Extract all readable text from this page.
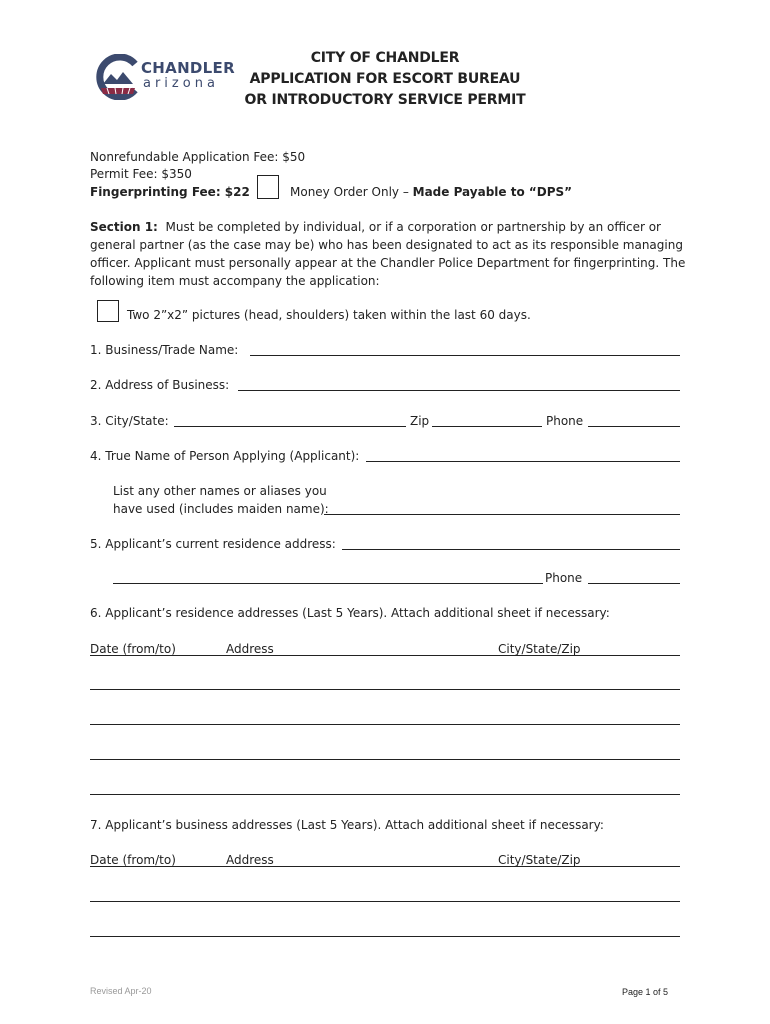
CHANDLER
arizona
CITY OF CHANDLER
APPLICATION FOR ESCORT BUREAU
OR INTRODUCTORY SERVICE PERMIT
Nonrefundable Application Fee: $50
Permit Fee: $350
Fingerprinting Fee: $22	Money Order Only – Made Payable to “DPS”
Section 1: Must be completed by individual, or if a corporation or partnership by an officer or
general partner (as the case may be) who has been designated to act as its responsible managing
officer. Applicant must personally appear at the Chandler Police Department for fingerprinting. The
following item must accompany the application:
Two 2”x2” pictures (head, shoulders) taken within the last 60 days.
1. Business/Trade Name:
2. Address of Business:
3. City/State:	Zip	Phone
4. True Name of Person Applying (Applicant):
List any other names or aliases you
have used (includes maiden name):
5. Applicant’s current residence address:
Phone
6. Applicant’s residence addresses (Last 5 Years). Attach additional sheet if necessary:
Date (from/to)	Address	City/State/Zip
7. Applicant’s business addresses (Last 5 Years). Attach additional sheet if necessary:
Date (from/to)	Address	City/State/Zip
Revised Apr-20	Page 1 of 5
